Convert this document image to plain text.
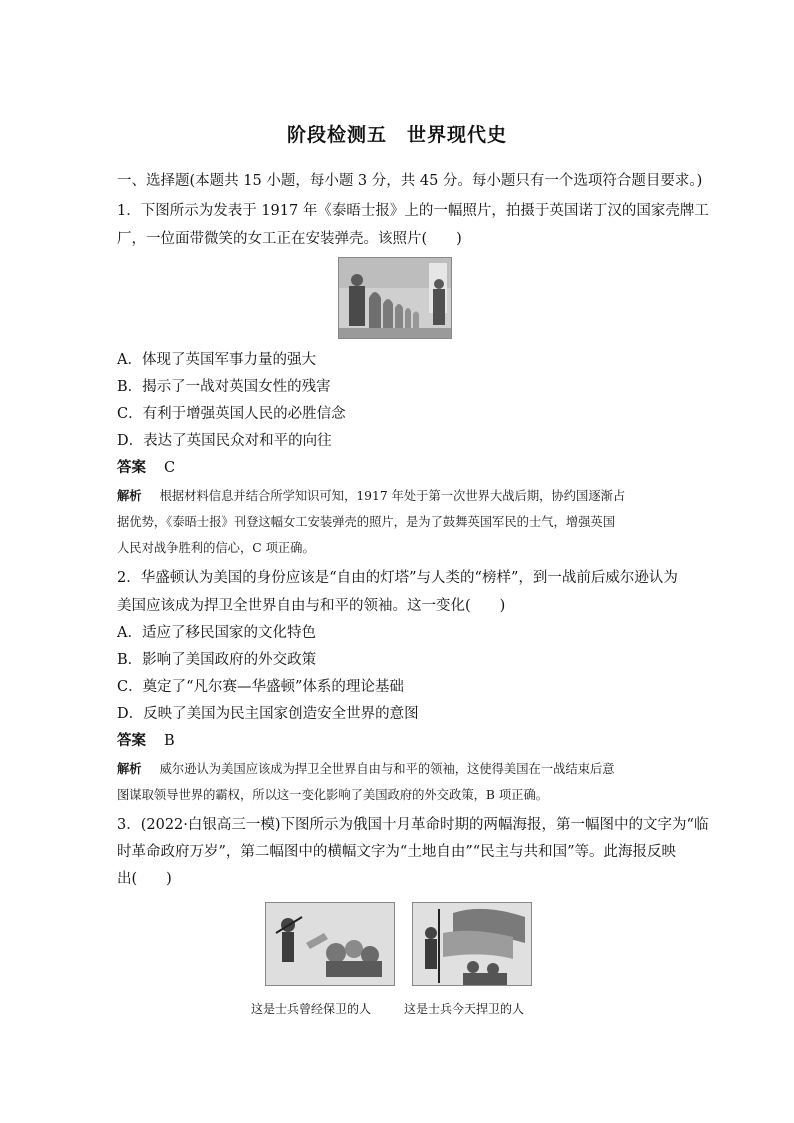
阶段检测五　世界现代史
一、选择题(本题共 15 小题，每小题 3 分，共 45 分。每小题只有一个选项符合题目要求。)
1．下图所示为发表于 1917 年《泰晤士报》上的一幅照片，拍摄于英国诺丁汉的国家壳牌工
厂，一位面带微笑的女工正在安装弹壳。该照片(　　)
A．体现了英国军事力量的强大
B．揭示了一战对英国女性的残害
C．有利于增强英国人民的必胜信念
D．表达了英国民众对和平的向往
答案 C
解析 根据材料信息并结合所学知识可知，1917 年处于第一次世界大战后期，协约国逐渐占
据优势，《泰晤士报》刊登这幅女工安装弹壳的照片，是为了鼓舞英国军民的士气，增强英国
人民对战争胜利的信心，C 项正确。
2．华盛顿认为美国的身份应该是“自由的灯塔”与人类的“榜样”，到一战前后威尔逊认为
美国应该成为捍卫全世界自由与和平的领袖。这一变化(　　)
A．适应了移民国家的文化特色
B．影响了美国政府的外交政策
C．奠定了“凡尔赛—华盛顿”体系的理论基础
D．反映了美国为民主国家创造安全世界的意图
答案 B
解析 威尔逊认为美国应该成为捍卫全世界自由与和平的领袖，这使得美国在一战结束后意
图谋取领导世界的霸权，所以这一变化影响了美国政府的外交政策，B 项正确。
3．(2022·白银高三一模)下图所示为俄国十月革命时期的两幅海报，第一幅图中的文字为“临
时革命政府万岁”，第二幅图中的横幅文字为“土地自由”“民主与共和国”等。此海报反映
出(　　)
这是士兵曾经保卫的人	这是士兵今天捍卫的人
